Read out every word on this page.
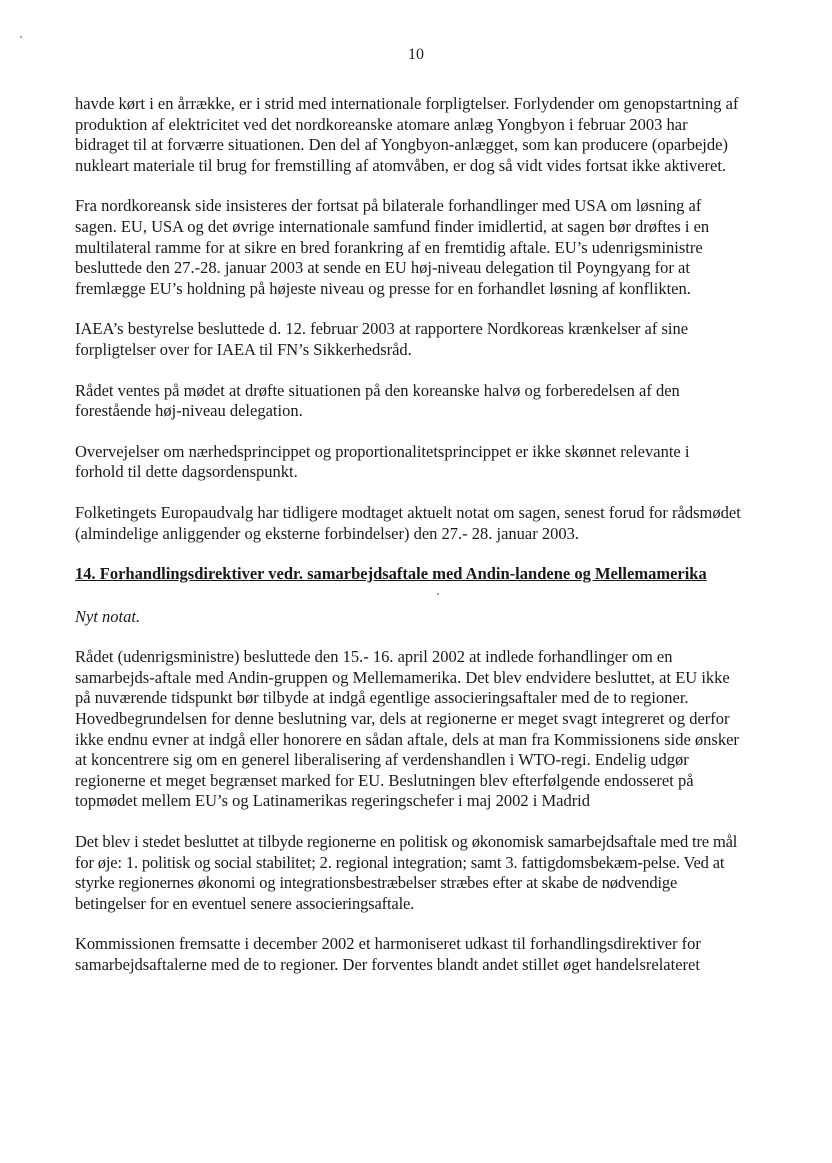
10

havde kørt i en årrække, er i strid med internationale forpligtelser. Forlydender om genopstartning af produktion af elektricitet ved det nordkoreanske atomare anlæg Yongbyon i februar 2003 har bidraget til at forværre situationen. Den del af Yongbyon-anlægget, som kan producere (oparbejde) nukleart materiale til brug for fremstilling af atomvåben, er dog så vidt vides fortsat ikke aktiveret.

Fra nordkoreansk side insisteres der fortsat på bilaterale forhandlinger med USA om løsning af sagen. EU, USA og det øvrige internationale samfund finder imidlertid, at sagen bør drøftes i en multilateral ramme for at sikre en bred forankring af en fremtidig aftale. EU’s udenrigsministre besluttede den 27.-28. januar 2003 at sende en EU høj-niveau delegation til Poyngyang for at fremlægge EU’s holdning på højeste niveau og presse for en forhandlet løsning af konflikten.

IAEA’s bestyrelse besluttede d. 12. februar 2003 at rapportere Nordkoreas krænkelser af sine forpligtelser over for IAEA til FN’s Sikkerhedsråd.

Rådet ventes på mødet at drøfte situationen på den koreanske halvø og forberedelsen af den forestående høj-niveau delegation.

Overvejelser om nærhedsprincippet og proportionalitetsprincippet er ikke skønnet relevante i forhold til dette dagsordenspunkt.

Folketingets Europaudvalg har tidligere modtaget aktuelt notat om sagen, senest forud for rådsmødet (almindelige anliggender og eksterne forbindelser) den 27.- 28. januar 2003.

14. Forhandlingsdirektiver vedr. samarbejdsaftale med Andin-landene og Mellemamerika
Nyt notat.

Rådet (udenrigsministre) besluttede den 15.- 16. april 2002 at indlede forhandlinger om en samarbejds-aftale med Andin-gruppen og Mellemamerika. Det blev endvidere besluttet, at EU ikke på nuværende tidspunkt bør tilbyde at indgå egentlige associeringsaftaler med de to regioner. Hovedbegrundelsen for denne beslutning var, dels at regionerne er meget svagt integreret og derfor ikke endnu evner at indgå eller honorere en sådan aftale, dels at man fra Kommissionens side ønsker at koncentrere sig om en generel liberalisering af verdenshandlen i WTO-regi. Endelig udgør regionerne et meget begrænset marked for EU. Beslutningen blev efterfølgende endosseret på topmødet mellem EU’s og Latinamerikas regeringschefer i maj 2002 i Madrid

Det blev i stedet besluttet at tilbyde regionerne en politisk og økonomisk samarbejdsaftale med tre mål for øje: 1. politisk og social stabilitet; 2. regional integration; samt 3. fattigdomsbekæm-pelse. Ved at styrke regionernes økonomi og integrationsbestræbelser stræbes efter at skabe de nødvendige betingelser for en eventuel senere associeringsaftale.

Kommissionen fremsatte i december 2002 et harmoniseret udkast til forhandlingsdirektiver for samarbejdsaftalerne med de to regioner. Der forventes blandt andet stillet øget handelsrelateret
